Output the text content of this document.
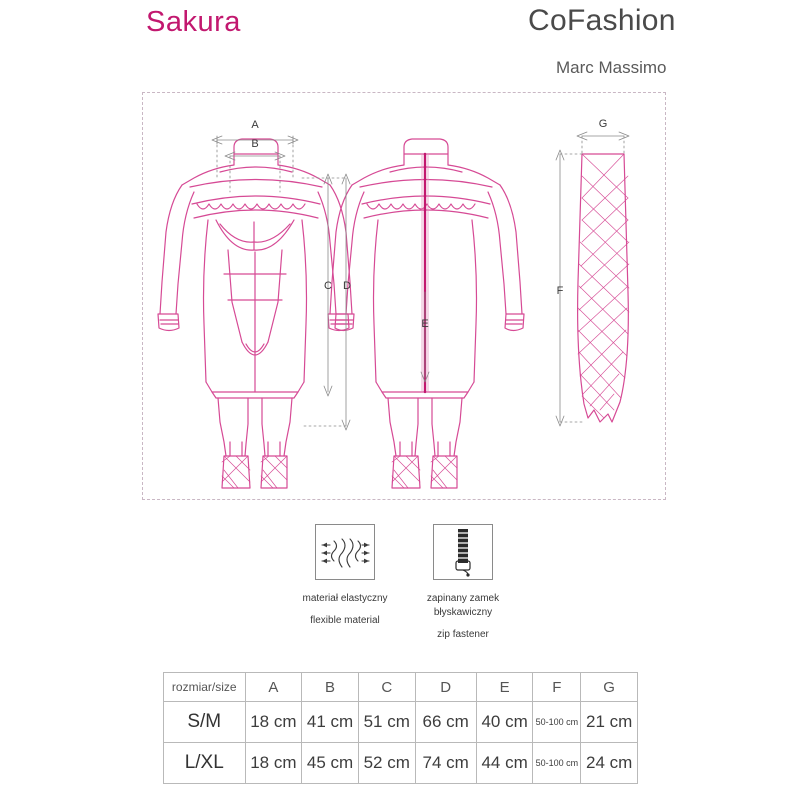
Sakura	CoFashion
Marc Massimo
A
B
C D
E
F
G
materiał elastyczny
flexible material
zapinany zamek błyskawiczny
zip fastener
rozmiar/size	A	B	C	D	E	F	G
S/M	18 cm	41 cm	51 cm	66 cm	40 cm	50-100 cm	21 cm
L/XL	18 cm	45 cm	52 cm	74 cm	44 cm	50-100 cm	24 cm
